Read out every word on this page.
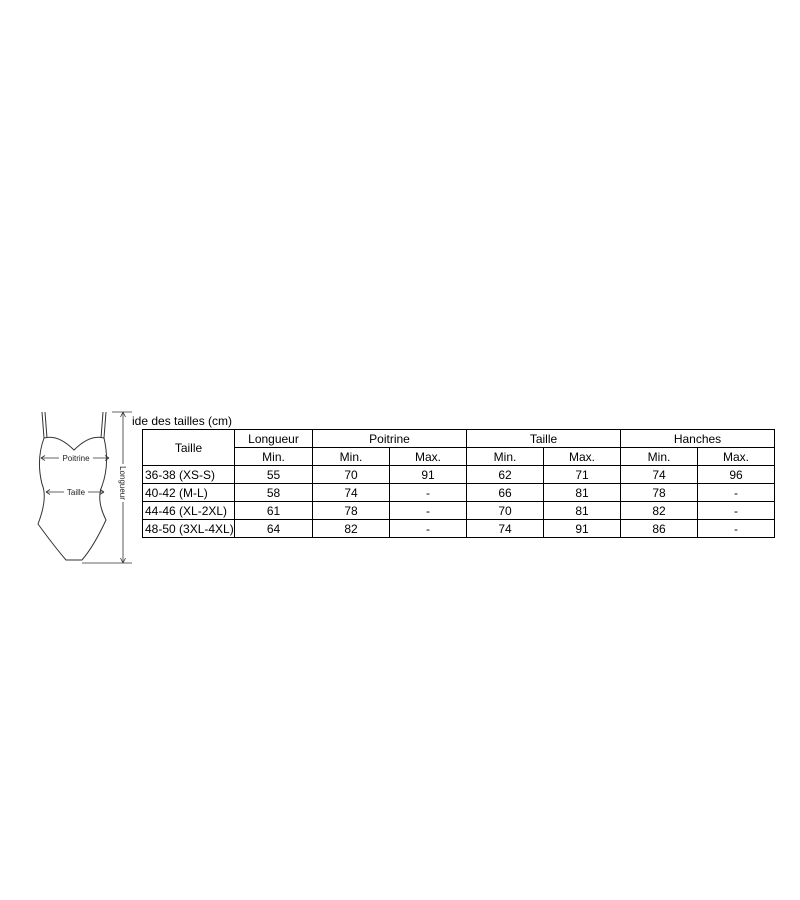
Poitrine
Taille	Longueur
ide des tailles (cm)
Taille	Longueur	Poitrine		Taille		Hanches	
	Min.	Min.	Max.	Min.	Max.	Min.	Max.
36-38 (XS-S)	55	70	91	62	71	74	96
40-42 (M-L)	58	74	-	66	81	78	-
44-46 (XL-2XL)	61	78	-	70	81	82	-
48-50 (3XL-4XL)	64	82	-	74	91	86	-
